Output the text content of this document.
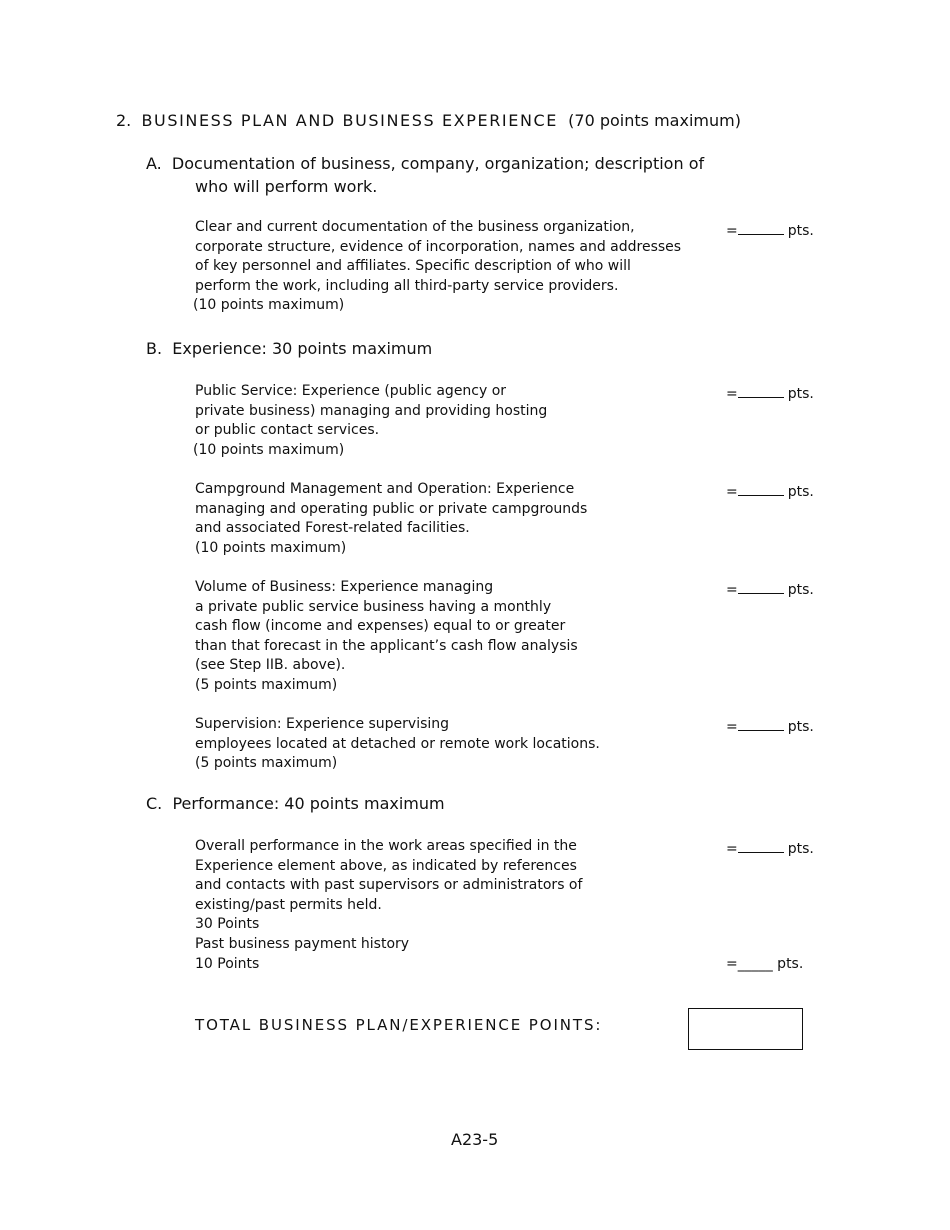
2. BUSINESS PLAN AND BUSINESS EXPERIENCE (70 points maximum)
A. Documentation of business, company, organization; description of
who will perform work.
Clear and current documentation of the business organization,
corporate structure, evidence of incorporation, names and addresses
of key personnel and affiliates. Specific description of who will
perform the work, including all third-party service providers.
(10 points maximum)
=	pts.
B. Experience: 30 points maximum
Public Service: Experience (public agency or
private business) managing and providing hosting
or public contact services.
(10 points maximum)
=	pts.
Campground Management and Operation: Experience
managing and operating public or private campgrounds
and associated Forest-related facilities.
(10 points maximum)
=	pts.
Volume of Business: Experience managing
a private public service business having a monthly
cash flow (income and expenses) equal to or greater
than that forecast in the applicant’s cash flow analysis
(see Step IIB. above).
(5 points maximum)
=	pts.
Supervision: Experience supervising
employees located at detached or remote work locations.
(5 points maximum)
=	pts.
C. Performance: 40 points maximum
Overall performance in the work areas specified in the
Experience element above, as indicated by references
and contacts with past supervisors or administrators of
existing/past permits held.
30 Points
Past business payment history
10 Points
=	pts.
=_____ pts.
TOTAL BUSINESS PLAN/EXPERIENCE POINTS:
A23-5
